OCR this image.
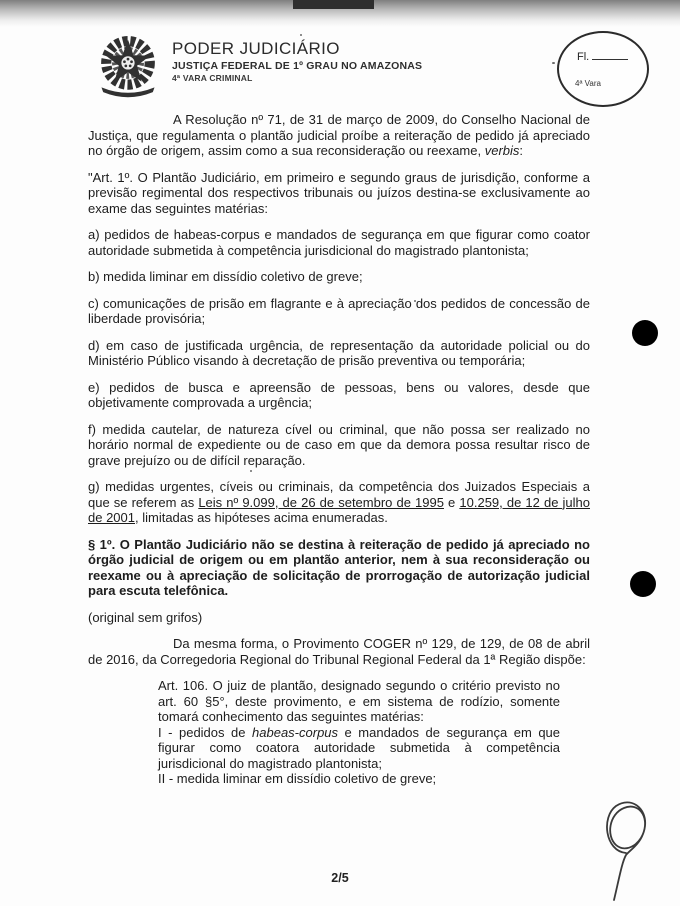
PODER JUDICIÁRIO
JUSTIÇA FEDERAL DE 1º GRAU NO AMAZONAS
4ª VARA CRIMINAL
Fl.
4ª Vara

A Resolução nº 71, de 31 de março de 2009, do Conselho Nacional de Justiça, que regulamenta o plantão judicial proíbe a reiteração de pedido já apreciado no órgão de origem, assim como a sua reconsideração ou reexame, verbis:

"Art. 1º. O Plantão Judiciário, em primeiro e segundo graus de jurisdição, conforme a previsão regimental dos respectivos tribunais ou juízos destina-se exclusivamente ao exame das seguintes matérias:

a) pedidos de habeas-corpus e mandados de segurança em que figurar como coator autoridade submetida à competência jurisdicional do magistrado plantonista;

b) medida liminar em dissídio coletivo de greve;

c) comunicações de prisão em flagrante e à apreciação dos pedidos de concessão de liberdade provisória;

d) em caso de justificada urgência, de representação da autoridade policial ou do Ministério Público visando à decretação de prisão preventiva ou temporária;

e) pedidos de busca e apreensão de pessoas, bens ou valores, desde que objetivamente comprovada a urgência;

f) medida cautelar, de natureza cível ou criminal, que não possa ser realizado no horário normal de expediente ou de caso em que da demora possa resultar risco de grave prejuízo ou de difícil reparação.

g) medidas urgentes, cíveis ou criminais, da competência dos Juizados Especiais a que se referem as Leis nº 9.099, de 26 de setembro de 1995 e 10.259, de 12 de julho de 2001, limitadas as hipóteses acima enumeradas.

§ 1º. O Plantão Judiciário não se destina à reiteração de pedido já apreciado no órgão judicial de origem ou em plantão anterior, nem à sua reconsideração ou reexame ou à apreciação de solicitação de prorrogação de autorização judicial para escuta telefônica.

(original sem grifos)

Da mesma forma, o Provimento COGER nº 129, de 129, de 08 de abril de 2016, da Corregedoria Regional do Tribunal Regional Federal da 1ª Região dispõe:

Art. 106. O juiz de plantão, designado segundo o critério previsto no art. 60 §5°, deste provimento, e em sistema de rodízio, somente tomará conhecimento das seguintes matérias:
I - pedidos de habeas-corpus e mandados de segurança em que figurar como coatora autoridade submetida à competência jurisdicional do magistrado plantonista;
II - medida liminar em dissídio coletivo de greve;
2/5
